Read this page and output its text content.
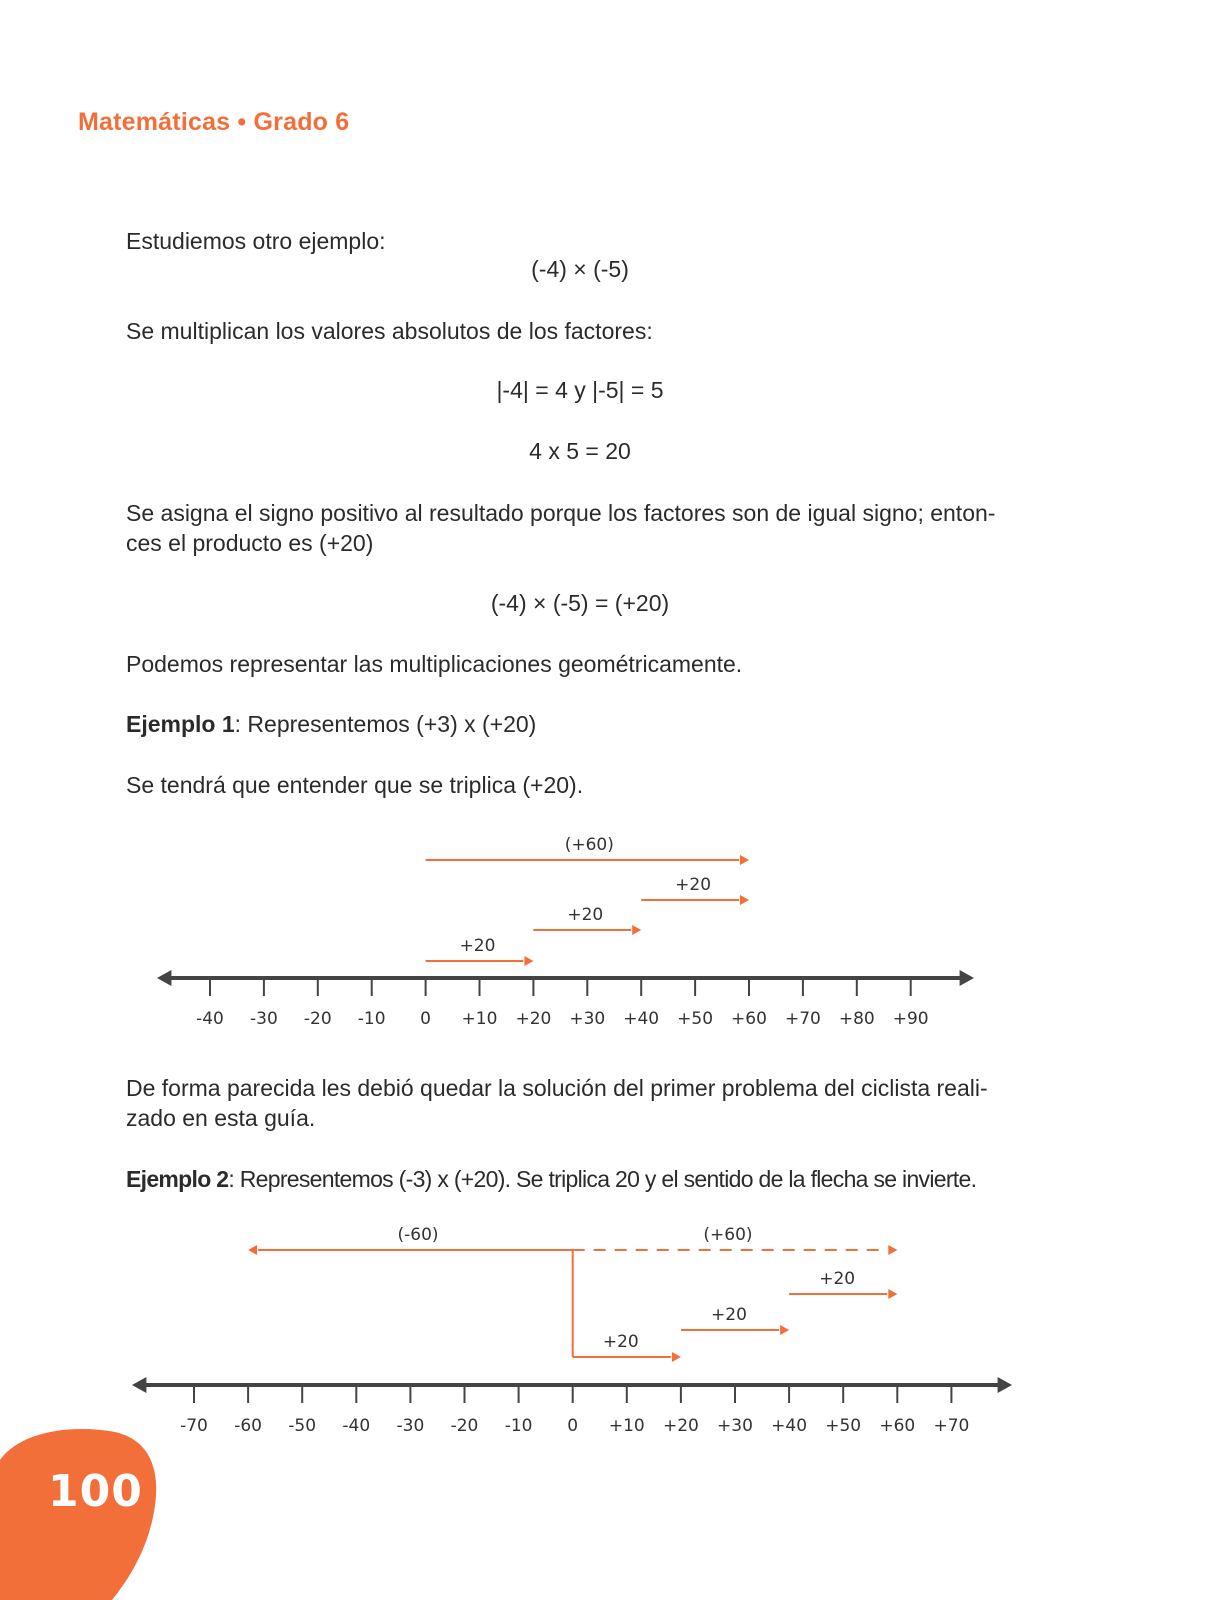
Matemáticas • Grado 6
Estudiemos otro ejemplo:
(-4) × (-5)
Se multiplican los valores absolutos de los factores:
|-4| = 4 y |-5| = 5
4 x 5 = 20
Se asigna el signo positivo al resultado porque los factores son de igual signo; enton-
ces el producto es (+20)
(-4) × (-5) = (+20)
Podemos representar las multiplicaciones geométricamente.
Ejemplo 1: Representemos (+3) x (+20)
Se tendrá que entender que se triplica (+20).
-40 -30 -20 -10 0 +10 +20 +30 +40 +50 +60 +70 +80 +90
+20
+20
+20
(+60)
De forma parecida les debió quedar la solución del primer problema del ciclista reali-
zado en esta guía.
Ejemplo 2: Representemos (-3) x (+20). Se triplica 20 y el sentido de la flecha se invierte.
-70 -60 -50 -40 -30 -20 -10 0 +10 +20 +30 +40 +50 +60 +70
+20
+20
+20
(-60)	(+60)
100
